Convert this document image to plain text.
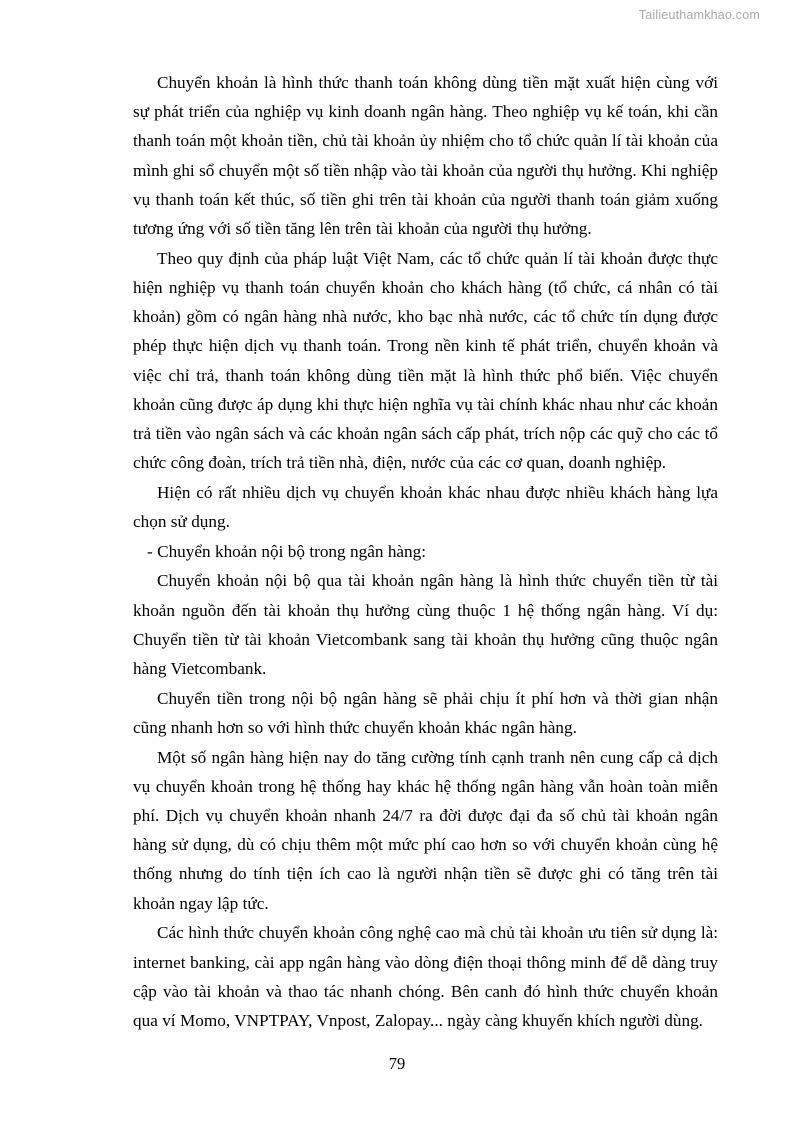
Tailieuthamkhao.com

Chuyển khoản là hình thức thanh toán không dùng tiền mặt xuất hiện cùng với sự phát triển của nghiệp vụ kinh doanh ngân hàng. Theo nghiệp vụ kế toán, khi cần thanh toán một khoản tiền, chủ tài khoản ủy nhiệm cho tổ chức quản lí tài khoản của mình ghi sổ chuyển một số tiền nhập vào tài khoản của người thụ hưởng. Khi nghiệp vụ thanh toán kết thúc, số tiền ghi trên tài khoản của người thanh toán giảm xuống tương ứng với số tiền tăng lên trên tài khoản của người thụ hưởng.

Theo quy định của pháp luật Việt Nam, các tổ chức quản lí tài khoản được thực hiện nghiệp vụ thanh toán chuyển khoản cho khách hàng (tổ chức, cá nhân có tài khoản) gồm có ngân hàng nhà nước, kho bạc nhà nước, các tổ chức tín dụng được phép thực hiện dịch vụ thanh toán. Trong nền kinh tế phát triển, chuyển khoản và việc chỉ trả, thanh toán không dùng tiền mặt là hình thức phổ biến. Việc chuyển khoản cũng được áp dụng khi thực hiện nghĩa vụ tài chính khác nhau như các khoản trả tiền vào ngân sách và các khoản ngân sách cấp phát, trích nộp các quỹ cho các tổ chức công đoàn, trích trả tiền nhà, điện, nước của các cơ quan, doanh nghiệp.

Hiện có rất nhiều dịch vụ chuyển khoản khác nhau được nhiều khách hàng lựa chọn sử dụng.

- Chuyển khoản nội bộ trong ngân hàng:

Chuyển khoản nội bộ qua tài khoản ngân hàng là hình thức chuyển tiền từ tài khoản nguồn đến tài khoản thụ hưởng cùng thuộc 1 hệ thống ngân hàng. Ví dụ: Chuyển tiền từ tài khoản Vietcombank sang tài khoản thụ hưởng cũng thuộc ngân hàng Vietcombank.

Chuyển tiền trong nội bộ ngân hàng sẽ phải chịu ít phí hơn và thời gian nhận cũng nhanh hơn so với hình thức chuyển khoản khác ngân hàng.

Một số ngân hàng hiện nay do tăng cường tính cạnh tranh nên cung cấp cả dịch vụ chuyển khoản trong hệ thống hay khác hệ thống ngân hàng vẫn hoàn toàn miễn phí. Dịch vụ chuyển khoản nhanh 24/7 ra đời được đại đa số chủ tài khoản ngân hàng sử dụng, dù có chịu thêm một mức phí cao hơn so với chuyển khoản cùng hệ thống nhưng do tính tiện ích cao là người nhận tiền sẽ được ghi có tăng trên tài khoản ngay lập tức.

Các hình thức chuyển khoản công nghệ cao mà chủ tài khoản ưu tiên sử dụng là: internet banking, cài app ngân hàng vào dòng điện thoại thông minh để dễ dàng truy cập vào tài khoản và thao tác nhanh chóng. Bên canh đó hình thức chuyển khoản qua ví Momo, VNPTPAY, Vnpost, Zalopay... ngày càng khuyến khích người dùng.

79
